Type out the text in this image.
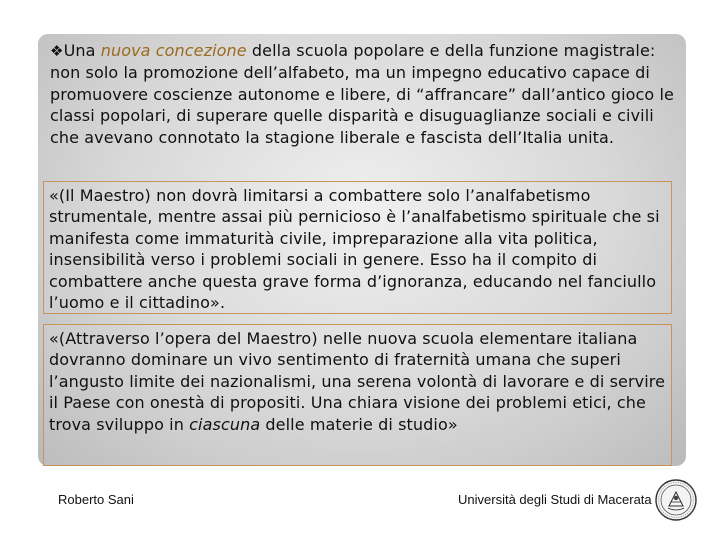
❖Una nuova concezione della scuola popolare e della funzione magistrale: non solo la promozione dell’alfabeto, ma un impegno educativo capace di promuovere coscienze autonome e libere, di “affrancare” dall’antico gioco le classi popolari, di superare quelle disparità e disuguaglianze sociali e civili che avevano connotato la stagione liberale e fascista dell’Italia unita.
«(Il Maestro) non dovrà limitarsi a combattere solo l’analfabetismo strumentale, mentre assai più pernicioso è l’analfabetismo spirituale che si manifesta come immaturità civile, impreparazione alla vita politica, insensibilità verso i problemi sociali in genere. Esso ha il compito di combattere anche questa grave forma d’ignoranza, educando nel fanciullo l’uomo e il cittadino».
«(Attraverso l’opera del Maestro) nelle nuova scuola elementare italiana dovranno dominare un vivo sentimento di fraternità umana che superi l’angusto limite dei nazionalismi, una serena volontà di lavorare e di servire il Paese con onestà di propositi. Una chiara visione dei problemi etici, che trova sviluppo in ciascuna delle materie di studio»
Roberto Sani	Università degli Studi di Macerata
